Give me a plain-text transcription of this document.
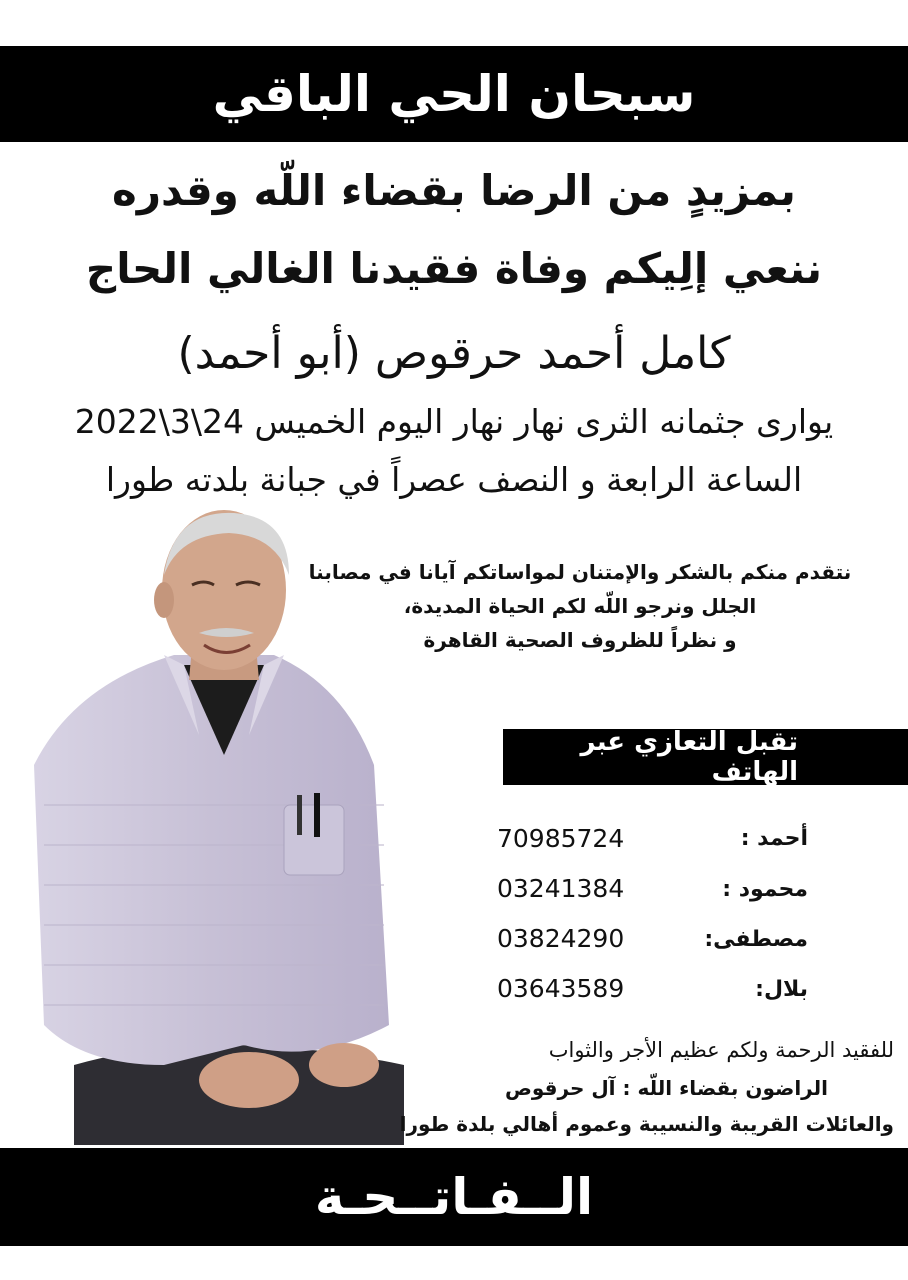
سبحان الحي الباقي
بمزيدٍ من الرضا بقضاء اللّه وقدره
ننعي إلِيكم وفاة فقيدنا الغالي الحاج
كامل أحمد حرقوص (أبو أحمد)
يوارى جثمانه الثرى نهار نهار اليوم الخميس 24\3\2022
الساعة الرابعة و النصف عصراً في جبانة بلدته طورا
نتقدم منكم بالشكر والإمتنان لمواساتكم آيانا في مصابنا
الجلل ونرجو اللّه لكم الحياة المديدة،
و نظراً للظروف الصحية القاهرة
تقبل التعازي عبر الهاتف
أحمد :
70985724
محمود :
03241384
مصطفى:
03824290
بلال:
03643589
للفقيد الرحمة ولكم عظيم الأجر والثواب
الراضون بقضاء اللّه : آل حرقوص
والعائلات القريبة والنسيبة وعموم أهالي بلدة طورا
الــفـاتــحـة
